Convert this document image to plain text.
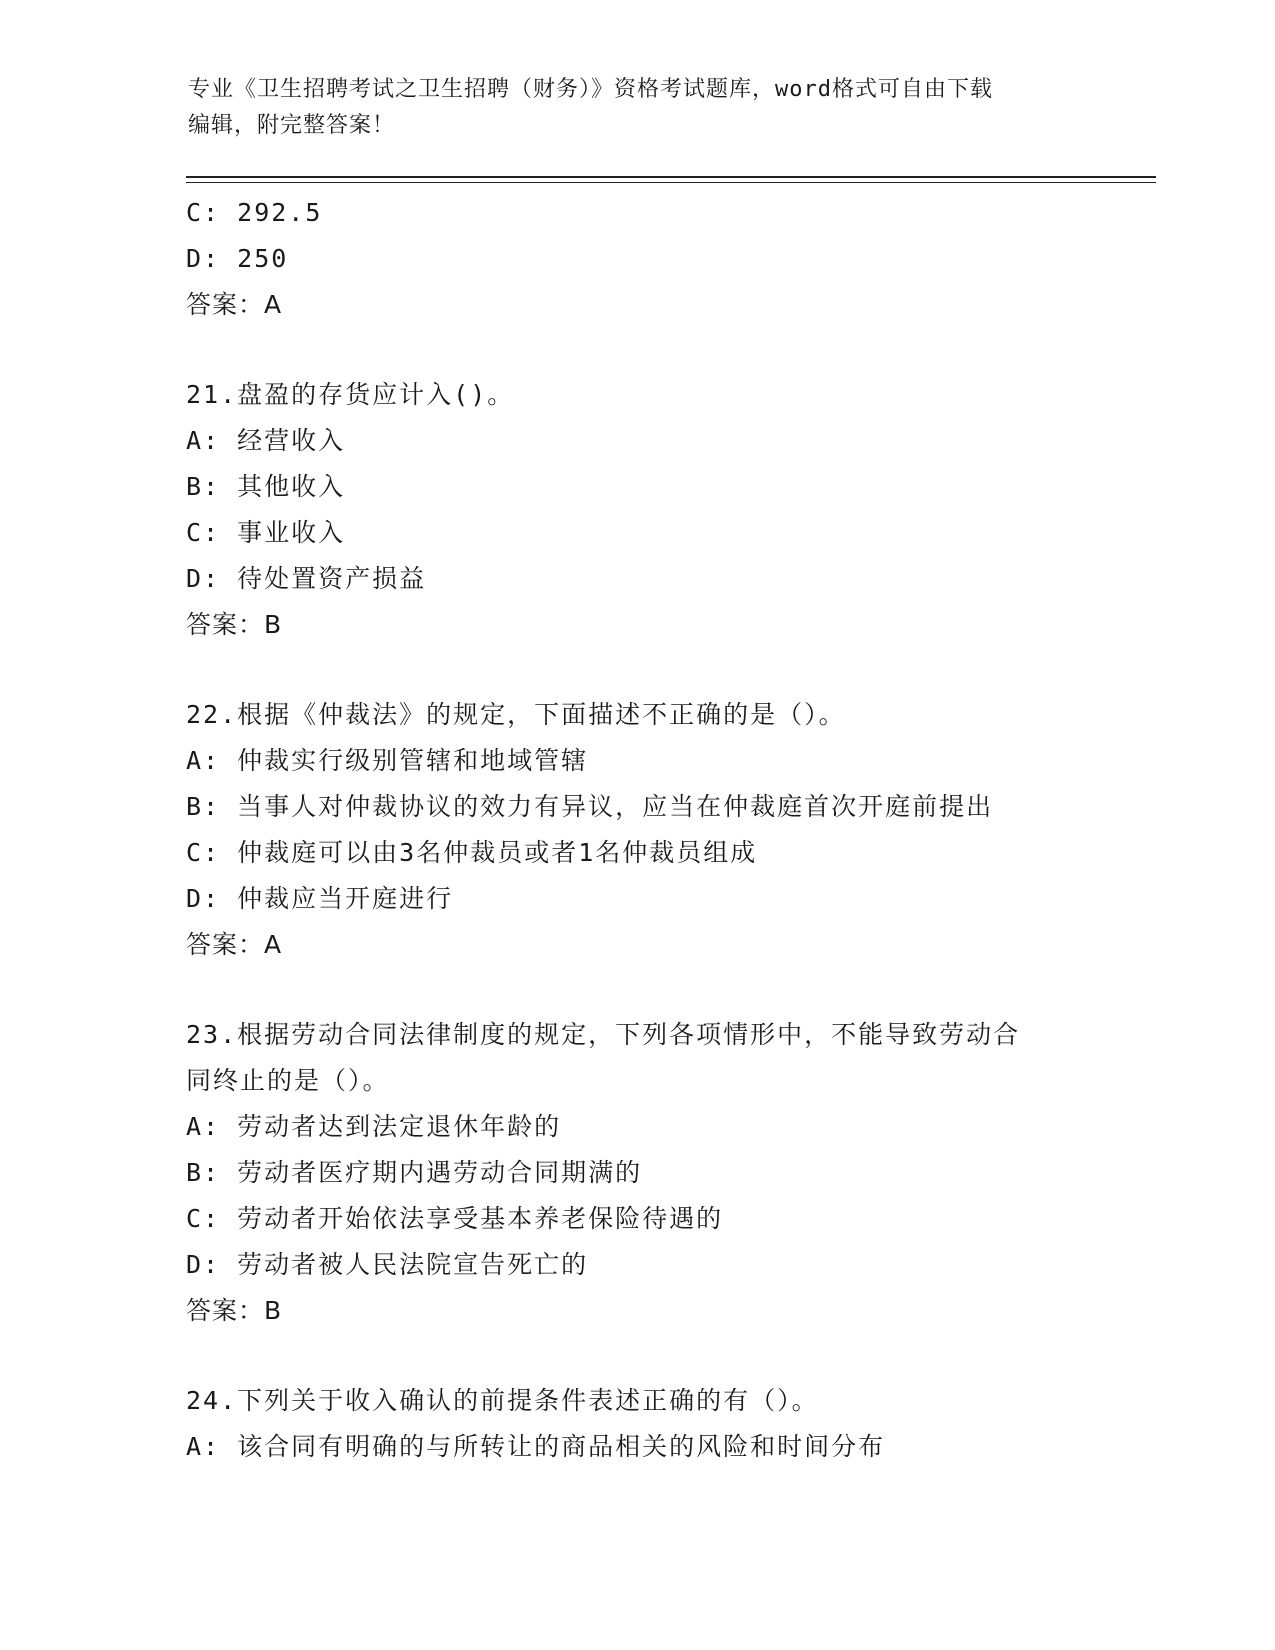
专业《卫生招聘考试之卫生招聘（财务）》资格考试题库，word格式可自由下载
编辑，附完整答案！
C: 292.5
D: 250
答案：A
21.盘盈的存货应计入()。
A: 经营收入
B: 其他收入
C: 事业收入
D: 待处置资产损益
答案：B
22.根据《仲裁法》的规定，下面描述不正确的是（）。
A: 仲裁实行级别管辖和地域管辖
B: 当事人对仲裁协议的效力有异议，应当在仲裁庭首次开庭前提出
C: 仲裁庭可以由3名仲裁员或者1名仲裁员组成
D: 仲裁应当开庭进行
答案：A
23.根据劳动合同法律制度的规定，下列各项情形中，不能导致劳动合
同终止的是（）。
A: 劳动者达到法定退休年龄的
B: 劳动者医疗期内遇劳动合同期满的
C: 劳动者开始依法享受基本养老保险待遇的
D: 劳动者被人民法院宣告死亡的
答案：B
24.下列关于收入确认的前提条件表述正确的有（）。
A: 该合同有明确的与所转让的商品相关的风险和时间分布
